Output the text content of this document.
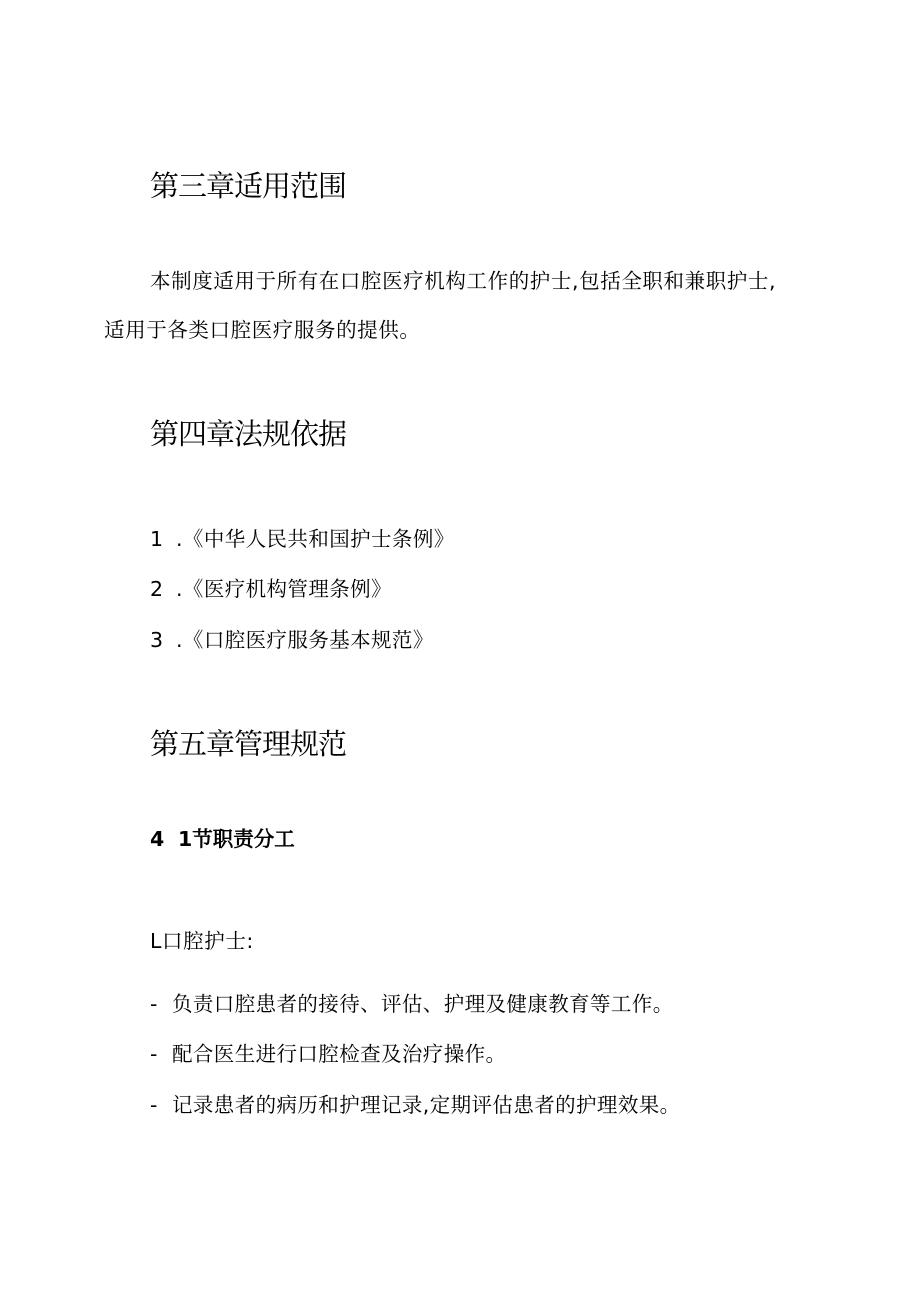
第三章适用范围

本制度适用于所有在口腔医疗机构工作的护士,包括全职和兼职护士,

适用于各类口腔医疗服务的提供。

第四章法规依据

1 .《中华人民共和国护士条例》

2 .《医疗机构管理条例》

3 .《口腔医疗服务基本规范》

第五章管理规范

4 1节职责分工

L口腔护士:

- 负责口腔患者的接待、评估、护理及健康教育等工作。

- 配合医生进行口腔检查及治疗操作。

- 记录患者的病历和护理记录,定期评估患者的护理效果。
